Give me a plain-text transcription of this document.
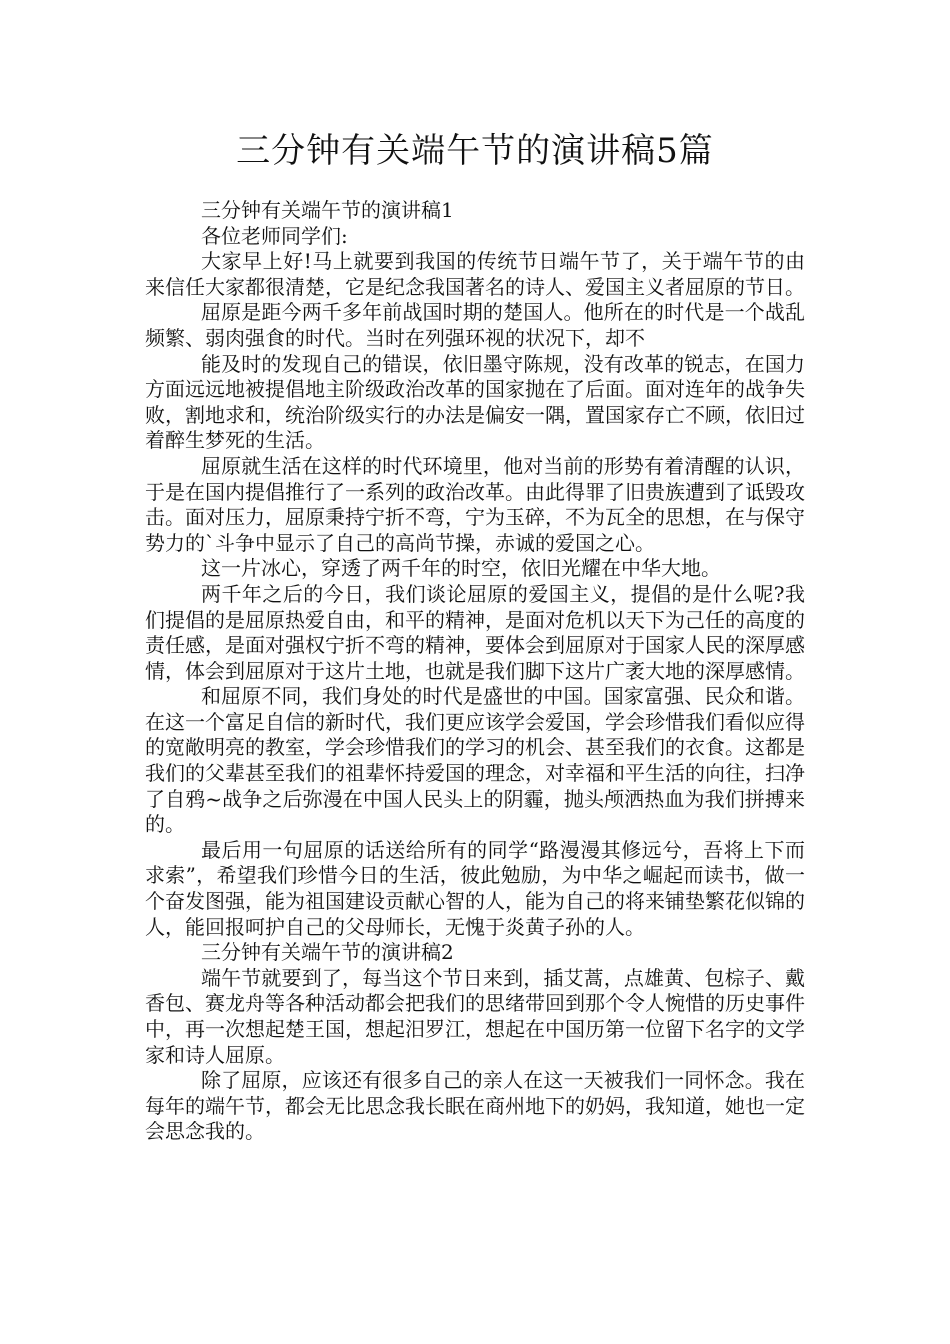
三分钟有关端午节的演讲稿5篇

三分钟有关端午节的演讲稿1

各位老师同学们:

大家早上好!马上就要到我国的传统节日端午节了，关于端午节的由来信任大家都很清楚，它是纪念我国著名的诗人、爱国主义者屈原的节日。

屈原是距今两千多年前战国时期的楚国人。他所在的时代是一个战乱频繁、弱肉强食的时代。当时在列强环视的状况下，却不

能及时的发现自己的错误，依旧墨守陈规，没有改革的锐志，在国力方面远远地被提倡地主阶级政治改革的国家抛在了后面。面对连年的战争失败，割地求和，统治阶级实行的办法是偏安一隅，置国家存亡不顾，依旧过着醉生梦死的生活。

屈原就生活在这样的时代环境里，他对当前的形势有着清醒的认识，于是在国内提倡推行了一系列的政治改革。由此得罪了旧贵族遭到了诋毁攻击。面对压力，屈原秉持宁折不弯，宁为玉碎，不为瓦全的思想，在与保守势力的`斗争中显示了自己的高尚节操，赤诚的爱国之心。

这一片冰心，穿透了两千年的时空，依旧光耀在中华大地。

两千年之后的今日，我们谈论屈原的爱国主义，提倡的是什么呢?我们提倡的是屈原热爱自由，和平的精神，是面对危机以天下为己任的高度的责任感，是面对强权宁折不弯的精神，要体会到屈原对于国家人民的深厚感情，体会到屈原对于这片土地，也就是我们脚下这片广袤大地的深厚感情。

和屈原不同，我们身处的时代是盛世的中国。国家富强、民众和谐。在这一个富足自信的新时代，我们更应该学会爱国，学会珍惜我们看似应得的宽敞明亮的教室，学会珍惜我们的学习的机会、甚至我们的衣食。这都是我们的父辈甚至我们的祖辈怀持爱国的理念，对幸福和平生活的向往，扫净了自鸦~战争之后弥漫在中国人民头上的阴霾，抛头颅洒热血为我们拼搏来的。

最后用一句屈原的话送给所有的同学“路漫漫其修远兮，吾将上下而求索”，希望我们珍惜今日的生活，彼此勉励，为中华之崛起而读书，做一个奋发图强，能为祖国建设贡献心智的人，能为自己的将来铺垫繁花似锦的人，能回报呵护自己的父母师长，无愧于炎黄子孙的人。

三分钟有关端午节的演讲稿2

端午节就要到了，每当这个节日来到，插艾蒿，点雄黄、包棕子、戴香包、赛龙舟等各种活动都会把我们的思绪带回到那个令人惋惜的历史事件中，再一次想起楚王国，想起汨罗江，想起在中国历第一位留下名字的文学家和诗人屈原。

除了屈原，应该还有很多自己的亲人在这一天被我们一同怀念。我在每年的端午节，都会无比思念我长眠在商州地下的奶妈，我知道，她也一定会思念我的。
